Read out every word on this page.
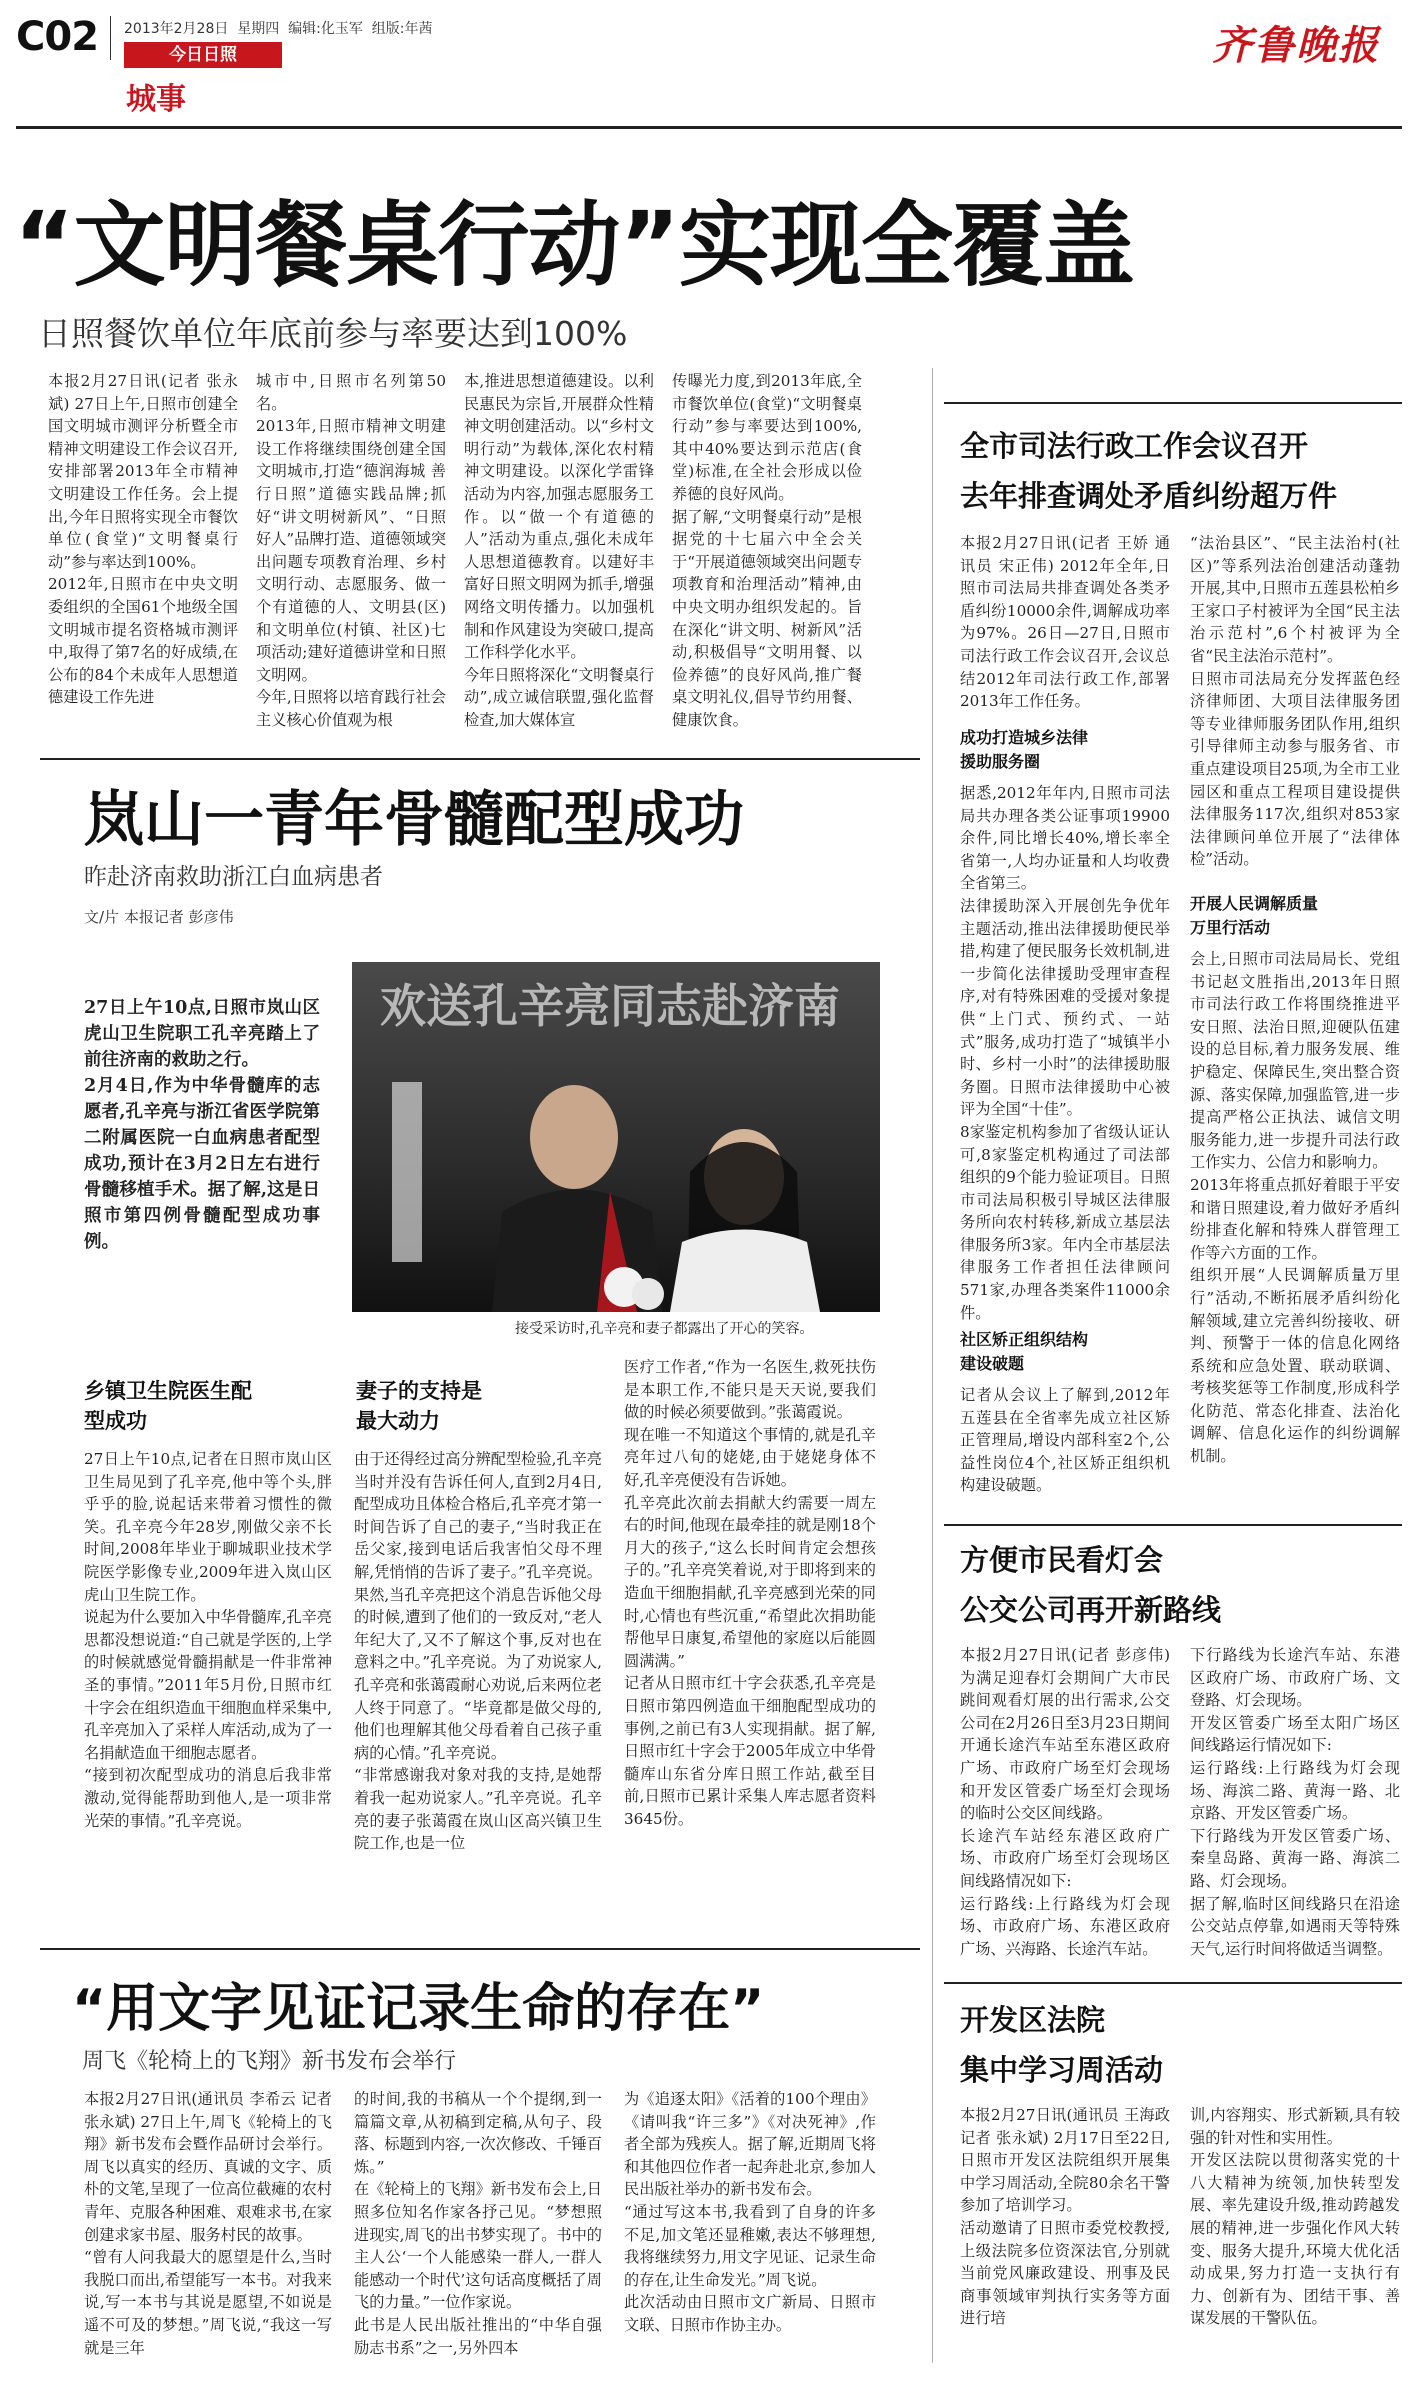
C02 2013年2月28日 星期四 编辑:化玉军 组版:年茜
今日日照
城事
齐鲁晚报
“文明餐桌行动”实现全覆盖
日照餐饮单位年底前参与率要达到100%
本报2月27日讯(记者 张永斌) 27日上午,日照市创建全国文明城市测评分析暨全市精神文明建设工作会议召开,安排部署2013年全市精神文明建设工作任务。会上提出,今年日照将实现全市餐饮单位(食堂)“文明餐桌行动”参与率达到100%。
2012年,日照市在中央文明委组织的全国61个地级全国文明城市提名资格城市测评中,取得了第7名的好成绩,在公布的84个未成年人思想道德建设工作先进
城市中,日照市名列第50名。
2013年,日照市精神文明建设工作将继续围绕创建全国文明城市,打造“德润海城 善行日照”道德实践品牌;抓好“讲文明树新风”、“日照好人”品牌打造、道德领域突出问题专项教育治理、乡村文明行动、志愿服务、做一个有道德的人、文明县(区)和文明单位(村镇、社区)七项活动;建好道德讲堂和日照文明网。
今年,日照将以培育践行社会主义核心价值观为根
本,推进思想道德建设。以利民惠民为宗旨,开展群众性精神文明创建活动。以“乡村文明行动”为载体,深化农村精神文明建设。以深化学雷锋活动为内容,加强志愿服务工作。以“做一个有道德的人”活动为重点,强化未成年人思想道德教育。以建好丰富好日照文明网为抓手,增强网络文明传播力。以加强机制和作风建设为突破口,提高工作科学化水平。
今年日照将深化“文明餐桌行动”,成立诚信联盟,强化监督检查,加大媒体宣
传曝光力度,到2013年底,全市餐饮单位(食堂)“文明餐桌行动”参与率要达到100%,其中40%要达到示范店(食堂)标准,在全社会形成以俭养德的良好风尚。
据了解,“文明餐桌行动”是根据党的十七届六中全会关于“开展道德领域突出问题专项教育和治理活动”精神,由中央文明办组织发起的。旨在深化“讲文明、树新风”活动,积极倡导“文明用餐、以俭养德”的良好风尚,推广餐桌文明礼仪,倡导节约用餐、健康饮食。
岚山一青年骨髓配型成功
昨赴济南救助浙江白血病患者
文/片 本报记者 彭彦伟
27日上午10点,日照市岚山区虎山卫生院职工孔辛亮踏上了前往济南的救助之行。
2月4日,作为中华骨髓库的志愿者,孔辛亮与浙江省医学院第二附属医院一白血病患者配型成功,预计在3月2日左右进行骨髓移植手术。据了解,这是日照市第四例骨髓配型成功事例。
欢送孔辛亮同志赴济南
接受采访时,孔辛亮和妻子都露出了开心的笑容。
乡镇卫生院医生配型成功
妻子的支持是最大动力
27日上午10点,记者在日照市岚山区卫生局见到了孔辛亮,他中等个头,胖乎乎的脸,说起话来带着习惯性的微笑。孔辛亮今年28岁,刚做父亲不长时间,2008年毕业于聊城职业技术学院医学影像专业,2009年进入岚山区虎山卫生院工作。
说起为什么要加入中华骨髓库,孔辛亮思都没想说道:“自己就是学医的,上学的时候就感觉骨髓捐献是一件非常神圣的事情。”2011年5月份,日照市红十字会在组织造血干细胞血样采集中,孔辛亮加入了采样人库活动,成为了一名捐献造血干细胞志愿者。
“接到初次配型成功的消息后我非常激动,觉得能帮助到他人,是一项非常光荣的事情。”孔辛亮说。
由于还得经过高分辨配型检验,孔辛亮当时并没有告诉任何人,直到2月4日,配型成功且体检合格后,孔辛亮才第一时间告诉了自己的妻子,“当时我正在岳父家,接到电话后我害怕父母不理解,凭悄悄的告诉了妻子。”孔辛亮说。
果然,当孔辛亮把这个消息告诉他父母的时候,遭到了他们的一致反对,“老人年纪大了,又不了解这个事,反对也在意料之中。”孔辛亮说。为了劝说家人,孔辛亮和张蔼霞耐心劝说,后来两位老人终于同意了。“毕竟都是做父母的,他们也理解其他父母看着自己孩子重病的心情。”孔辛亮说。
“非常感谢我对象对我的支持,是她帮着我一起劝说家人。”孔辛亮说。孔辛亮的妻子张蔼霞在岚山区高兴镇卫生院工作,也是一位
医疗工作者,“作为一名医生,救死扶伤是本职工作,不能只是天天说,要我们做的时候必须要做到。”张蔼霞说。
现在唯一不知道这个事情的,就是孔辛亮年过八旬的姥姥,由于姥姥身体不好,孔辛亮便没有告诉她。
孔辛亮此次前去捐献大约需要一周左右的时间,他现在最牵挂的就是刚18个月大的孩子,“这么长时间肯定会想孩子的。”孔辛亮笑着说,对于即将到来的造血干细胞捐献,孔辛亮感到光荣的同时,心情也有些沉重,“希望此次捐助能帮他早日康复,希望他的家庭以后能圆圆满满。”
记者从日照市红十字会获悉,孔辛亮是日照市第四例造血干细胞配型成功的事例,之前已有3人实现捐献。据了解,日照市红十字会于2005年成立中华骨髓库山东省分库日照工作站,截至目前,日照市已累计采集人库志愿者资料3645份。
“用文字见证记录生命的存在”
周飞《轮椅上的飞翔》新书发布会举行
本报2月27日讯(通讯员 李希云 记者 张永斌) 27日上午,周飞《轮椅上的飞翔》新书发布会暨作品研讨会举行。周飞以真实的经历、真诚的文字、质朴的文笔,呈现了一位高位截瘫的农村青年、克服各种困难、艰难求书,在家创建求家书屋、服务村民的故事。
“曾有人问我最大的愿望是什么,当时我脱口而出,希望能写一本书。对我来说,写一本书与其说是愿望,不如说是遥不可及的梦想。”周飞说,“我这一写就是三年
的时间,我的书稿从一个个提纲,到一篇篇文章,从初稿到定稿,从句子、段落、标题到内容,一次次修改、千锤百炼。”
在《轮椅上的飞翔》新书发布会上,日照多位知名作家各抒己见。“梦想照进现实,周飞的出书梦实现了。书中的主人公‘一个人能感染一群人,一群人能感动一个时代’这句话高度概括了周飞的力量。”一位作家说。
此书是人民出版社推出的“中华自强励志书系”之一,另外四本
为《追逐太阳》《活着的100个理由》《请叫我“许三多”》《对决死神》,作者全部为残疾人。据了解,近期周飞将和其他四位作者一起奔赴北京,参加人民出版社举办的新书发布会。
“通过写这本书,我看到了自身的许多不足,加文笔还显稚嫩,表达不够理想,我将继续努力,用文字见证、记录生命的存在,让生命发光。”周飞说。
此次活动由日照市文广新局、日照市文联、日照市作协主办。
全市司法行政工作会议召开
去年排查调处矛盾纠纷超万件
本报2月27日讯(记者 王娇 通讯员 宋正伟) 2012年全年,日照市司法局共排查调处各类矛盾纠纷10000余件,调解成功率为97%。26日—27日,日照市司法行政工作会议召开,会议总结2012年司法行政工作,部署2013年工作任务。
成功打造城乡法律援助服务圈
据悉,2012年年内,日照市司法局共办理各类公证事项19900余件,同比增长40%,增长率全省第一,人均办证量和人均收费全省第三。
法律援助深入开展创先争优年主题活动,推出法律援助便民举措,构建了便民服务长效机制,进一步简化法律援助受理审查程序,对有特殊困难的受援对象提供“上门式、预约式、一站式”服务,成功打造了“城镇半小时、乡村一小时”的法律援助服务圈。日照市法律援助中心被评为全国“十佳”。
8家鉴定机构参加了省级认证认可,8家鉴定机构通过了司法部组织的9个能力验证项目。日照市司法局积极引导城区法律服务所向农村转移,新成立基层法律服务所3家。年内全市基层法律服务工作者担任法律顾问571家,办理各类案件11000余件。
社区矫正组织结构建设破题
记者从会议上了解到,2012年五莲县在全省率先成立社区矫正管理局,增设内部科室2个,公益性岗位4个,社区矫正组织机构建设破题。
“法治县区”、“民主法治村(社区)”等系列法治创建活动蓬勃开展,其中,日照市五莲县松柏乡王家口子村被评为全国“民主法治示范村”,6个村被评为全省“民主法治示范村”。
日照市司法局充分发挥蓝色经济律师团、大项目法律服务团等专业律师服务团队作用,组织引导律师主动参与服务省、市重点建设项目25项,为全市工业园区和重点工程项目建设提供法律服务117次,组织对853家法律顾问单位开展了“法律体检”活动。
开展人民调解质量万里行活动
会上,日照市司法局局长、党组书记赵文胜指出,2013年日照市司法行政工作将围绕推进平安日照、法治日照,迎硬队伍建设的总目标,着力服务发展、维护稳定、保障民生,突出整合资源、落实保障,加强监管,进一步提高严格公正执法、诚信文明服务能力,进一步提升司法行政工作实力、公信力和影响力。
2013年将重点抓好着眼于平安和谐日照建设,着力做好矛盾纠纷排查化解和特殊人群管理工作等六方面的工作。
组织开展“人民调解质量万里行”活动,不断拓展矛盾纠纷化解领域,建立完善纠纷接收、研判、预警于一体的信息化网络系统和应急处置、联动联调、考核奖惩等工作制度,形成科学化防范、常态化排查、法治化调解、信息化运作的纠纷调解机制。
方便市民看灯会
公交公司再开新路线
本报2月27日讯(记者 彭彦伟) 为满足迎春灯会期间广大市民跳间观看灯展的出行需求,公交公司在2月26日至3月23日期间开通长途汽车站至东港区政府广场、市政府广场至灯会现场和开发区管委广场至灯会现场的临时公交区间线路。
长途汽车站经东港区政府广场、市政府广场至灯会现场区间线路情况如下:
运行路线:上行路线为灯会现场、市政府广场、东港区政府广场、兴海路、长途汽车站。
下行路线为长途汽车站、东港区政府广场、市政府广场、文登路、灯会现场。
开发区管委广场至太阳广场区间线路运行情况如下:
运行路线:上行路线为灯会现场、海滨二路、黄海一路、北京路、开发区管委广场。
下行路线为开发区管委广场、秦皇岛路、黄海一路、海滨二路、灯会现场。
据了解,临时区间线路只在沿途公交站点停靠,如遇雨天等特殊天气,运行时间将做适当调整。
开发区法院
集中学习周活动
本报2月27日讯(通讯员 王海政 记者 张永斌) 2月17日至22日,日照市开发区法院组织开展集中学习周活动,全院80余名干警参加了培训学习。
活动邀请了日照市委党校教授,上级法院多位资深法官,分别就当前党风廉政建设、刑事及民商事领域审判执行实务等方面进行培
训,内容翔实、形式新颖,具有较强的针对性和实用性。
开发区法院以贯彻落实党的十八大精神为统领,加快转型发展、率先建设升级,推动跨越发展的精神,进一步强化作风大转变、服务大提升,环境大优化活动成果,努力打造一支执行有力、创新有为、团结干事、善谋发展的干警队伍。
